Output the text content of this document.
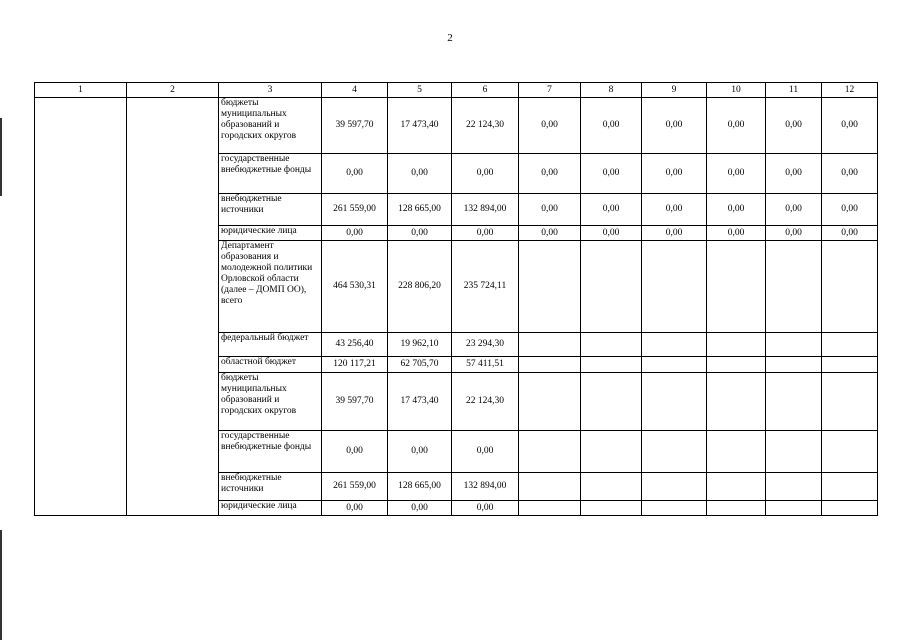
2
1	2	3	4	5	6	7	8	9	10	11	12
		бюджеты муниципальных образований и городских округов	39 597,70	17 473,40	22 124,30	0,00	0,00	0,00	0,00	0,00	0,00
		государственные внебюджетные фонды	0,00	0,00	0,00	0,00	0,00	0,00	0,00	0,00	0,00
		внебюджетные источники	261 559,00	128 665,00	132 894,00	0,00	0,00	0,00	0,00	0,00	0,00
		юридические лица	0,00	0,00	0,00	0,00	0,00	0,00	0,00	0,00	0,00
		Департамент образования и молодежной политики Орловской области (далее – ДОМП ОО), всего	464 530,31	228 806,20	235 724,11						
		федеральный бюджет	43 256,40	19 962,10	23 294,30						
		областной бюджет	120 117,21	62 705,70	57 411,51						
		бюджеты муниципальных образований и городских округов	39 597,70	17 473,40	22 124,30						
		государственные внебюджетные фонды	0,00	0,00	0,00						
		внебюджетные источники	261 559,00	128 665,00	132 894,00						
		юридические лица	0,00	0,00	0,00						
